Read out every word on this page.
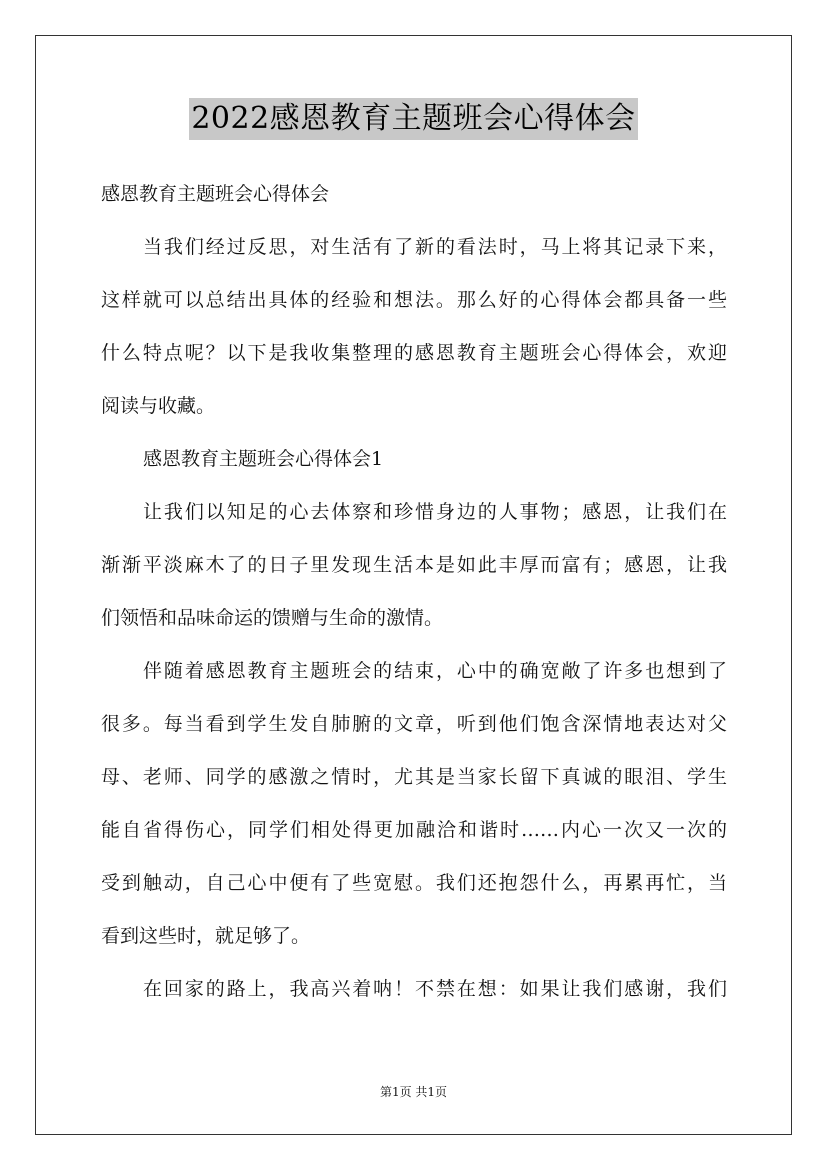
2022感恩教育主题班会心得体会
感恩教育主题班会心得体会
当我们经过反思，对生活有了新的看法时，马上将其记录下来，
这样就可以总结出具体的经验和想法。那么好的心得体会都具备一些
什么特点呢？以下是我收集整理的感恩教育主题班会心得体会，欢迎
阅读与收藏。
感恩教育主题班会心得体会1
让我们以知足的心去体察和珍惜身边的人事物；感恩，让我们在
渐渐平淡麻木了的日子里发现生活本是如此丰厚而富有；感恩，让我
们领悟和品味命运的馈赠与生命的激情。
伴随着感恩教育主题班会的结束，心中的确宽敞了许多也想到了
很多。每当看到学生发自肺腑的文章，听到他们饱含深情地表达对父
母、老师、同学的感激之情时，尤其是当家长留下真诚的眼泪、学生
能自省得伤心，同学们相处得更加融洽和谐时……内心一次又一次的
受到触动，自己心中便有了些宽慰。我们还抱怨什么，再累再忙，当
看到这些时，就足够了。
在回家的路上，我高兴着呐！不禁在想：如果让我们感谢，我们
第1页 共1页
